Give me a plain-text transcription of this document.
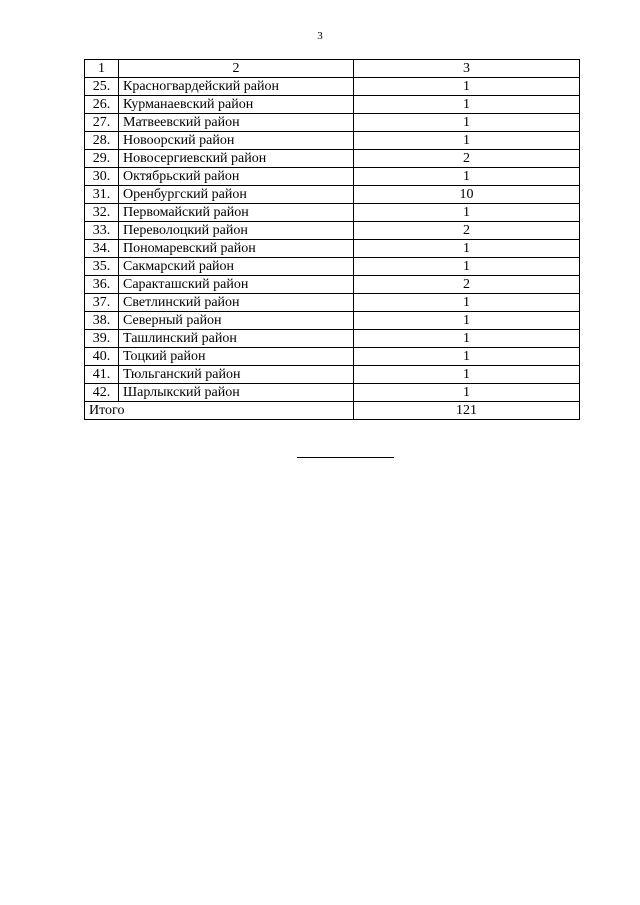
3
1	2	3
25.	Красногвардейский район	1
26.	Курманаевский район	1
27.	Матвеевский район	1
28.	Новоорский район	1
29.	Новосергиевский район	2
30.	Октябрьский район	1
31.	Оренбургский район	10
32.	Первомайский район	1
33.	Переволоцкий район	2
34.	Пономаревский район	1
35.	Сакмарский район	1
36.	Саракташский район	2
37.	Светлинский район	1
38.	Северный район	1
39.	Ташлинский район	1
40.	Тоцкий район	1
41.	Тюльганский район	1
42.	Шарлыкский район	1
Итого		121
